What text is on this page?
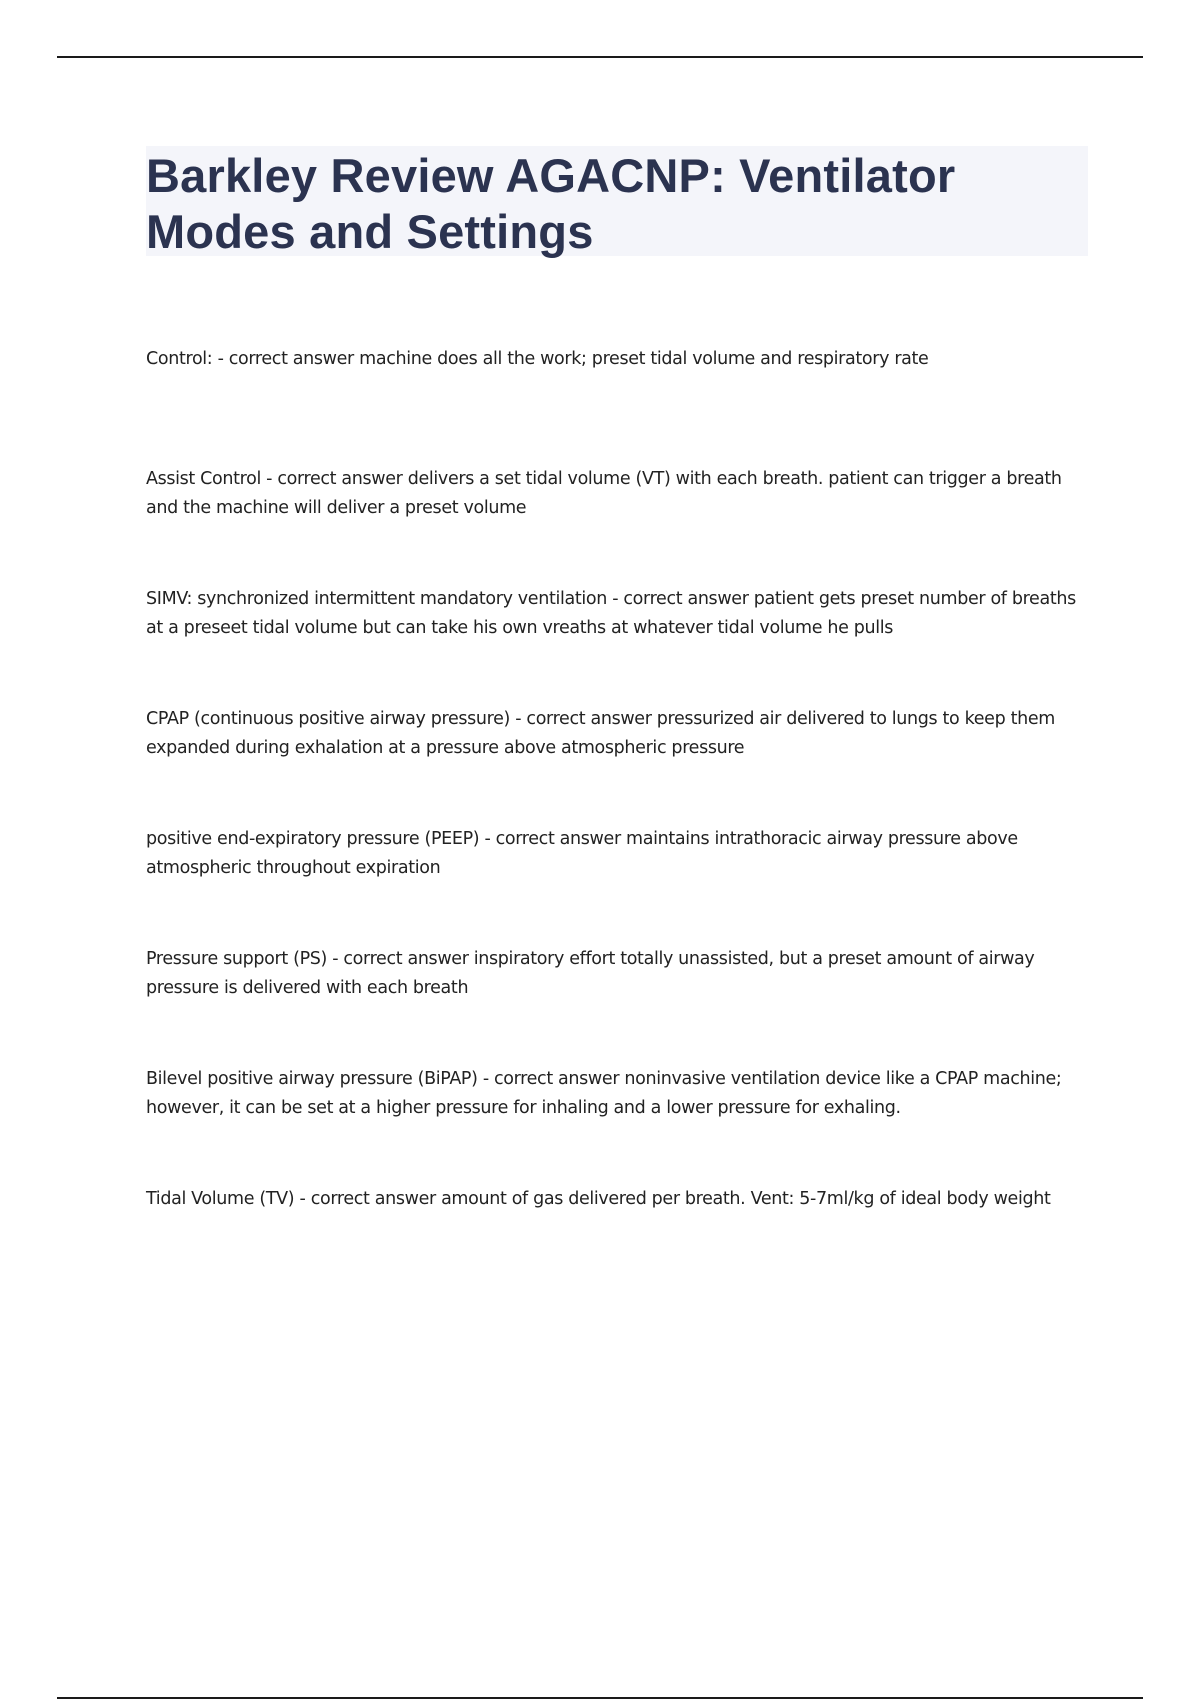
Barkley Review AGACNP: Ventilator Modes and Settings
Control: - correct answer machine does all the work; preset tidal volume and respiratory rate
Assist Control - correct answer delivers a set tidal volume (VT) with each breath. patient can trigger a breath and the machine will deliver a preset volume
SIMV: synchronized intermittent mandatory ventilation - correct answer patient gets preset number of breaths at a preseet tidal volume but can take his own vreaths at whatever tidal volume he pulls
CPAP (continuous positive airway pressure) - correct answer pressurized air delivered to lungs to keep them expanded during exhalation at a pressure above atmospheric pressure
positive end-expiratory pressure (PEEP) - correct answer maintains intrathoracic airway pressure above atmospheric throughout expiration
Pressure support (PS) - correct answer inspiratory effort totally unassisted, but a preset amount of airway pressure is delivered with each breath
Bilevel positive airway pressure (BiPAP) - correct answer noninvasive ventilation device like a CPAP machine; however, it can be set at a higher pressure for inhaling and a lower pressure for exhaling.
Tidal Volume (TV) - correct answer amount of gas delivered per breath. Vent: 5-7ml/kg of ideal body weight
